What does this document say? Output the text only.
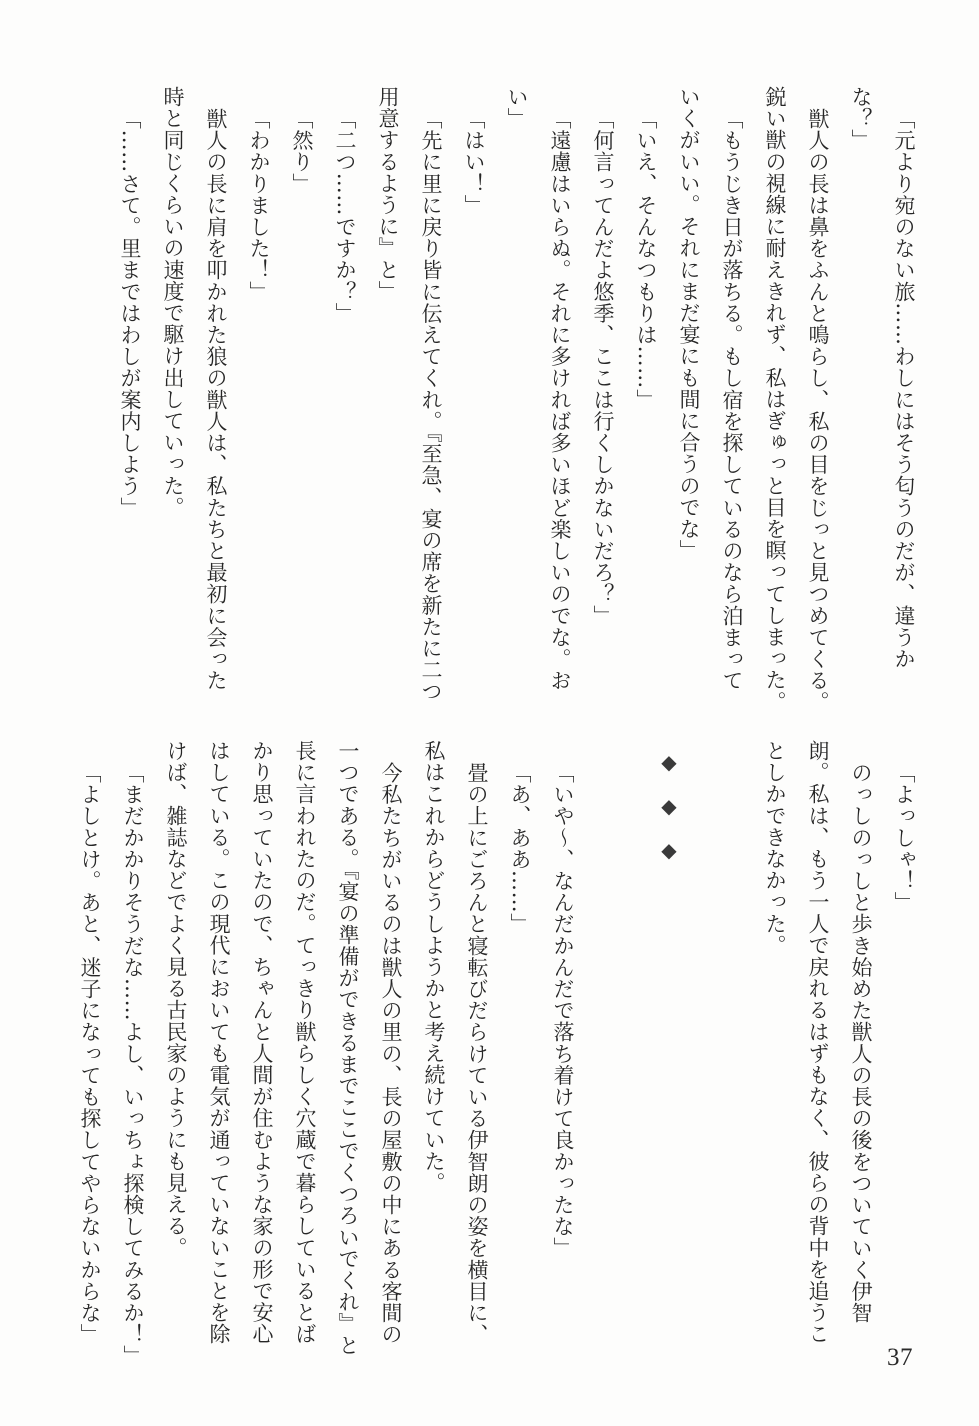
「元より宛のない旅……わしにはそう匂うのだが、違うか

な？」

獣人の長は鼻をふんと鳴らし、私の目をじっと見つめてくる。

鋭い獣の視線に耐えきれず、私はぎゅっと目を瞑ってしまった。

「もうじき日が落ちる。もし宿を探しているのなら泊まって

いくがいい。それにまだ宴にも間に合うのでな」

「いえ、そんなつもりは……」

「何言ってんだよ悠季、ここは行くしかないだろ？」

「遠慮はいらぬ。それに多ければ多いほど楽しいのでな。お

い」

「はい！」

「先に里に戻り皆に伝えてくれ。『至急、宴の席を新たに二つ

用意するように』と」

「二つ……ですか？」

「然り」

「わかりました！」

獣人の長に肩を叩かれた狼の獣人は、私たちと最初に会った

時と同じくらいの速度で駆け出していった。

「……さて。里まではわしが案内しよう」

「よっしゃ！」

のっしのっしと歩き始めた獣人の長の後をついていく伊智

朗。私は、もう一人で戻れるはずもなく、彼らの背中を追うこ

としかできなかった。

◆◆◆

「いや～、なんだかんだで落ち着けて良かったな」

「あ、ああ……」

畳の上にごろんと寝転びだらけている伊智朗の姿を横目に、

私はこれからどうしようかと考え続けていた。

今私たちがいるのは獣人の里の、長の屋敷の中にある客間の

一つである。『宴の準備ができるまでここでくつろいでくれ』と

長に言われたのだ。てっきり獣らしく穴蔵で暮らしているとば

かり思っていたので、ちゃんと人間が住むような家の形で安心

はしている。この現代においても電気が通っていないことを除

けば、雑誌などでよく見る古民家のようにも見える。

「まだかかりそうだな……よし、いっちょ探検してみるか！」

「よしとけ。あと、迷子になっても探してやらないからな」

37
